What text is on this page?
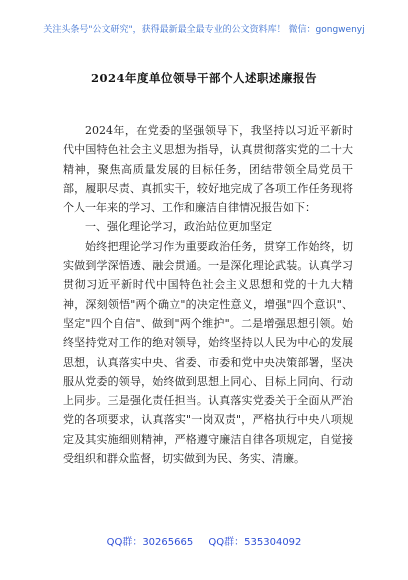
关注头条号"公文研究"，获得最新最全最专业的公文资料库！ 微信：gongwenyj
2024年度单位领导干部个人述职述廉报告

2024年，在党委的坚强领导下，我坚持以习近平新时代中国特色社会主义思想为指导，认真贯彻落实党的二十大精神，聚焦高质量发展的目标任务，团结带领全局党员干部，履职尽责、真抓实干，较好地完成了各项工作任务现将个人一年来的学习、工作和廉洁自律情况报告如下：

一、强化理论学习，政治站位更加坚定

始终把理论学习作为重要政治任务，贯穿工作始终，切实做到学深悟透、融会贯通。一是深化理论武装。认真学习贯彻习近平新时代中国特色社会主义思想和党的十九大精神，深刻领悟"两个确立"的决定性意义，增强"四个意识"、坚定"四个自信"、做到"两个维护"。二是增强思想引领。始终坚持党对工作的绝对领导，始终坚持以人民为中心的发展思想，认真落实中央、省委、市委和党中央决策部署，坚决服从党委的领导，始终做到思想上同心、目标上同向、行动上同步。三是强化责任担当。认真落实党委关于全面从严治党的各项要求，认真落实"一岗双责"，严格执行中央八项规定及其实施细则精神，严格遵守廉洁自律各项规定，自觉接受组织和群众监督，切实做到为民、务实、清廉。

QQ群：30265665 QQ群：535304092
